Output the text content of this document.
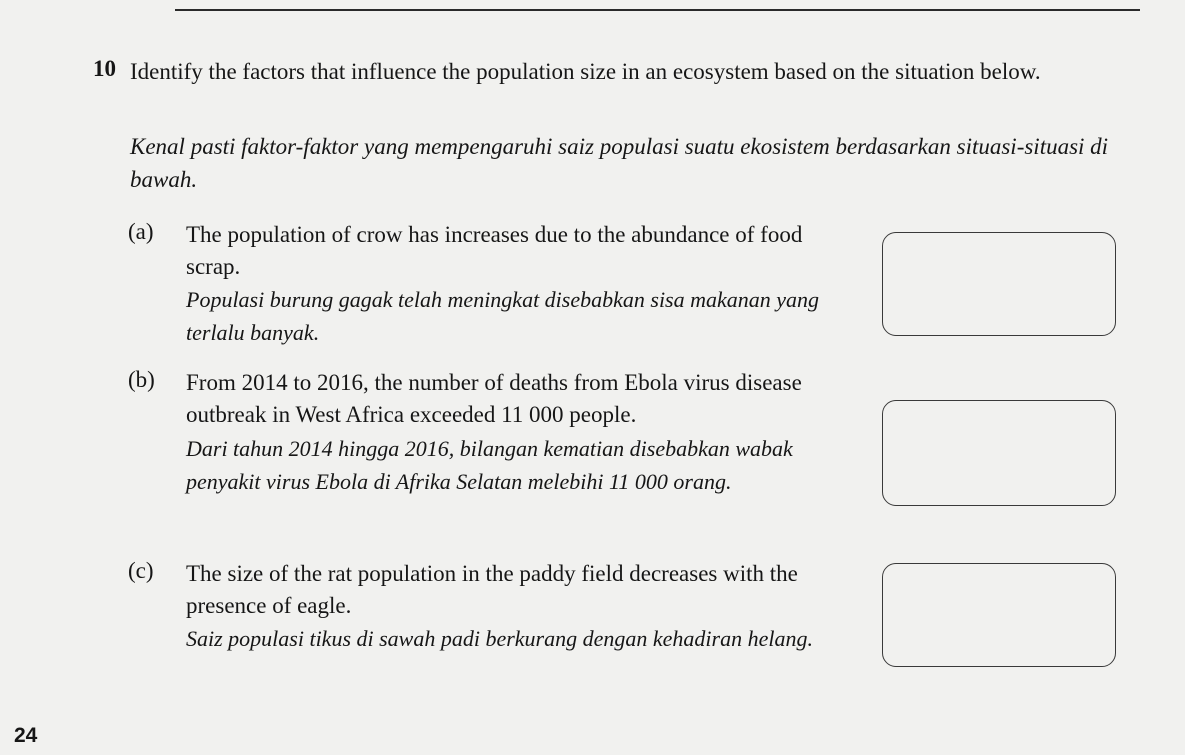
10 Identify the factors that influence the population size in an ecosystem based on the situation below.
Kenal pasti faktor-faktor yang mempengaruhi saiz populasi suatu ekosistem berdasarkan situasi-situasi di bawah.
(a) The population of crow has increases due to the abundance of food scrap.
Populasi burung gagak telah meningkat disebabkan sisa makanan yang terlalu banyak.
(b) From 2014 to 2016, the number of deaths from Ebola virus disease outbreak in West Africa exceeded 11 000 people.
Dari tahun 2014 hingga 2016, bilangan kematian disebabkan wabak penyakit virus Ebola di Afrika Selatan melebihi 11 000 orang.
(c) The size of the rat population in the paddy field decreases with the presence of eagle.
Saiz populasi tikus di sawah padi berkurang dengan kehadiran helang.
24
